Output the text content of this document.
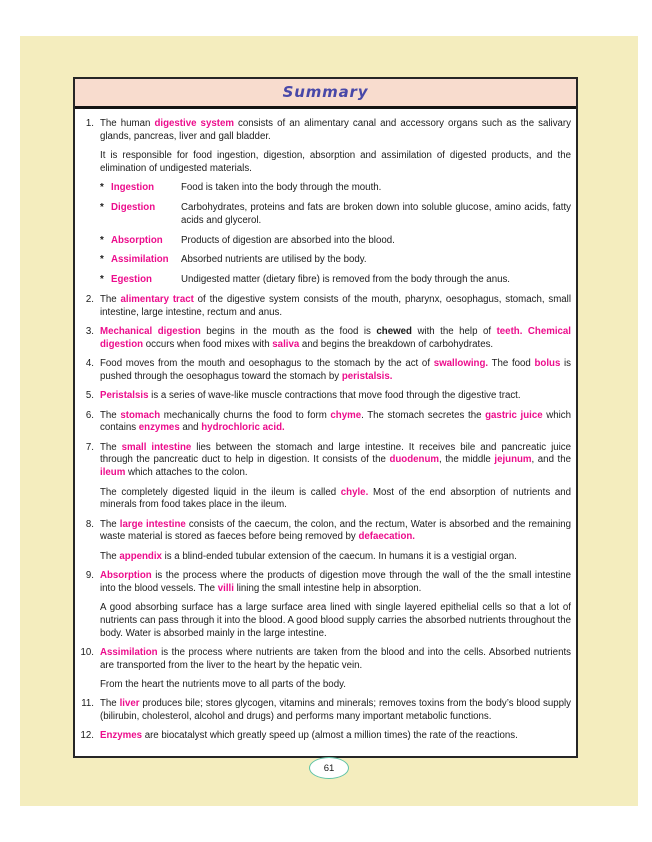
Summary
1. The human digestive system consists of an alimentary canal and accessory organs such as the salivary glands, pancreas, liver and gall bladder.
It is responsible for food ingestion, digestion, absorption and assimilation of digested products, and the elimination of undigested materials.
* Ingestion	Food is taken into the body through the mouth.
* Digestion	Carbohydrates, proteins and fats are broken down into soluble glucose, amino acids, fatty acids and glycerol.
* Absorption	Products of digestion are absorbed into the blood.
* Assimilation	Absorbed nutrients are utilised by the body.
* Egestion	Undigested matter (dietary fibre) is removed from the body through the anus.
2. The alimentary tract of the digestive system consists of the mouth, pharynx, oesophagus, stomach, small intestine, large intestine, rectum and anus.
3. Mechanical digestion begins in the mouth as the food is chewed with the help of teeth. Chemical digestion occurs when food mixes with saliva and begins the breakdown of carbohydrates.
4. Food moves from the mouth and oesophagus to the stomach by the act of swallowing. The food bolus is pushed through the oesophagus toward the stomach by peristalsis.
5. Peristalsis is a series of wave-like muscle contractions that move food through the digestive tract.
6. The stomach mechanically churns the food to form chyme. The stomach secretes the gastric juice which contains enzymes and hydrochloric acid.
7. The small intestine lies between the stomach and large intestine. It receives bile and pancreatic juice through the pancreatic duct to help in digestion. It consists of the duodenum, the middle jejunum, and the ileum which attaches to the colon.
The completely digested liquid in the ileum is called chyle. Most of the end absorption of nutrients and minerals from food takes place in the ileum.
8. The large intestine consists of the caecum, the colon, and the rectum, Water is absorbed and the remaining waste material is stored as faeces before being removed by defaecation.
The appendix is a blind-ended tubular extension of the caecum. In humans it is a vestigial organ.
9. Absorption is the process where the products of digestion move through the wall of the the small intestine into the blood vessels. The villi lining the small intestine help in absorption.
A good absorbing surface has a large surface area lined with single layered epithelial cells so that a lot of nutrients can pass through it into the blood. A good blood supply carries the absorbed nutrients throughout the body. Water is absorbed mainly in the large intestine.
10. Assimilation is the process where nutrients are taken from the blood and into the cells. Absorbed nutrients are transported from the liver to the heart by the hepatic vein.
From the heart the nutrients move to all parts of the body.
11. The liver produces bile; stores glycogen, vitamins and minerals; removes toxins from the body’s blood supply (bilirubin, cholesterol, alcohol and drugs) and performs many important metabolic functions.
12. Enzymes are biocatalyst which greatly speed up (almost a million times) the rate of the reactions.
61
